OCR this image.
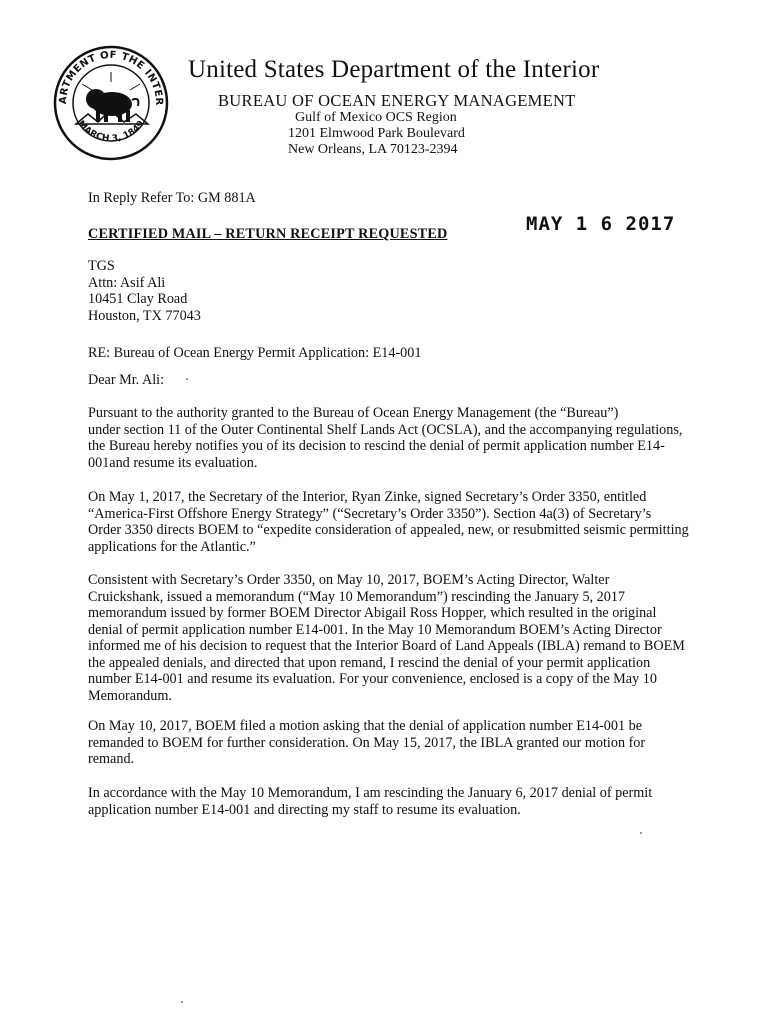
ARTMENT OF THE INTER
MARCH 3, 1849
United States Department of the Interior
BUREAU OF OCEAN ENERGY MANAGEMENT
Gulf of Mexico OCS Region
1201 Elmwood Park Boulevard
New Orleans, LA 70123-2394
In Reply Refer To: GM 881A
CERTIFIED MAIL – RETURN RECEIPT REQUESTED	MAY 1 6 2017
TGS
Attn: Asif Ali
10451 Clay Road
Houston, TX 77043
RE: Bureau of Ocean Energy Permit Application: E14-001
Dear Mr. Ali:
Pursuant to the authority granted to the Bureau of Ocean Energy Management (the “Bureau”)
under section 11 of the Outer Continental Shelf Lands Act (OCSLA), and the accompanying regulations,
the Bureau hereby notifies you of its decision to rescind the denial of permit application number E14-
001and resume its evaluation.
On May 1, 2017, the Secretary of the Interior, Ryan Zinke, signed Secretary’s Order 3350, entitled
“America-First Offshore Energy Strategy” (“Secretary’s Order 3350”). Section 4a(3) of Secretary’s
Order 3350 directs BOEM to “expedite consideration of appealed, new, or resubmitted seismic permitting
applications for the Atlantic.”
Consistent with Secretary’s Order 3350, on May 10, 2017, BOEM’s Acting Director, Walter
Cruickshank, issued a memorandum (“May 10 Memorandum”) rescinding the January 5, 2017
memorandum issued by former BOEM Director Abigail Ross Hopper, which resulted in the original
denial of permit application number E14-001. In the May 10 Memorandum BOEM’s Acting Director
informed me of his decision to request that the Interior Board of Land Appeals (IBLA) remand to BOEM
the appealed denials, and directed that upon remand, I rescind the denial of your permit application
number E14-001 and resume its evaluation. For your convenience, enclosed is a copy of the May 10
Memorandum.
On May 10, 2017, BOEM filed a motion asking that the denial of application number E14-001 be
remanded to BOEM for further consideration. On May 15, 2017, the IBLA granted our motion for
remand.
In accordance with the May 10 Memorandum, I am rescinding the January 6, 2017 denial of permit
application number E14-001 and directing my staff to resume its evaluation.
